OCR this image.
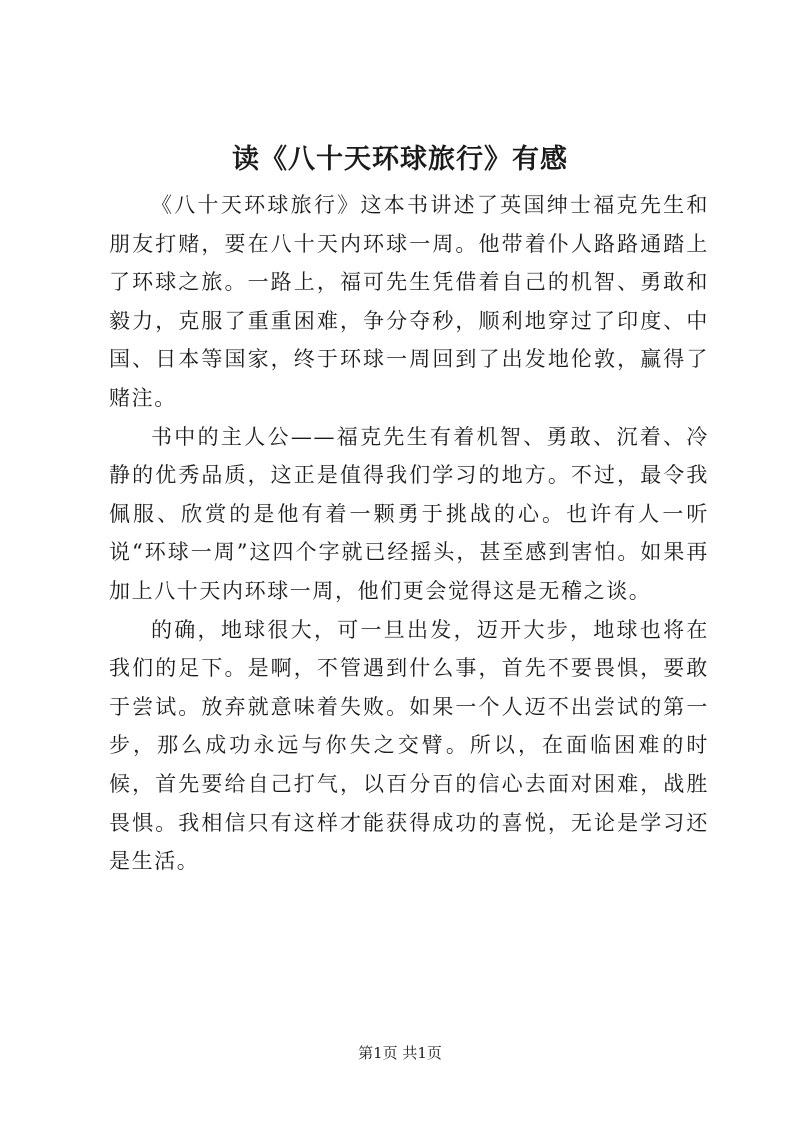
读《八十天环球旅行》有感

《八十天环球旅行》这本书讲述了英国绅士福克先生和朋友打赌，要在八十天内环球一周。他带着仆人路路通踏上了环球之旅。一路上，福可先生凭借着自己的机智、勇敢和毅力，克服了重重困难，争分夺秒，顺利地穿过了印度、中国、日本等国家，终于环球一周回到了出发地伦敦，赢得了赌注。

书中的主人公——福克先生有着机智、勇敢、沉着、冷静的优秀品质，这正是值得我们学习的地方。不过，最令我佩服、欣赏的是他有着一颗勇于挑战的心。也许有人一听说“环球一周”这四个字就已经摇头，甚至感到害怕。如果再加上八十天内环球一周，他们更会觉得这是无稽之谈。

的确，地球很大，可一旦出发，迈开大步，地球也将在我们的足下。是啊，不管遇到什么事，首先不要畏惧，要敢于尝试。放弃就意味着失败。如果一个人迈不出尝试的第一步，那么成功永远与你失之交臂。所以，在面临困难的时候，首先要给自己打气，以百分百的信心去面对困难，战胜畏惧。我相信只有这样才能获得成功的喜悦，无论是学习还是生活。

第1页 共1页
